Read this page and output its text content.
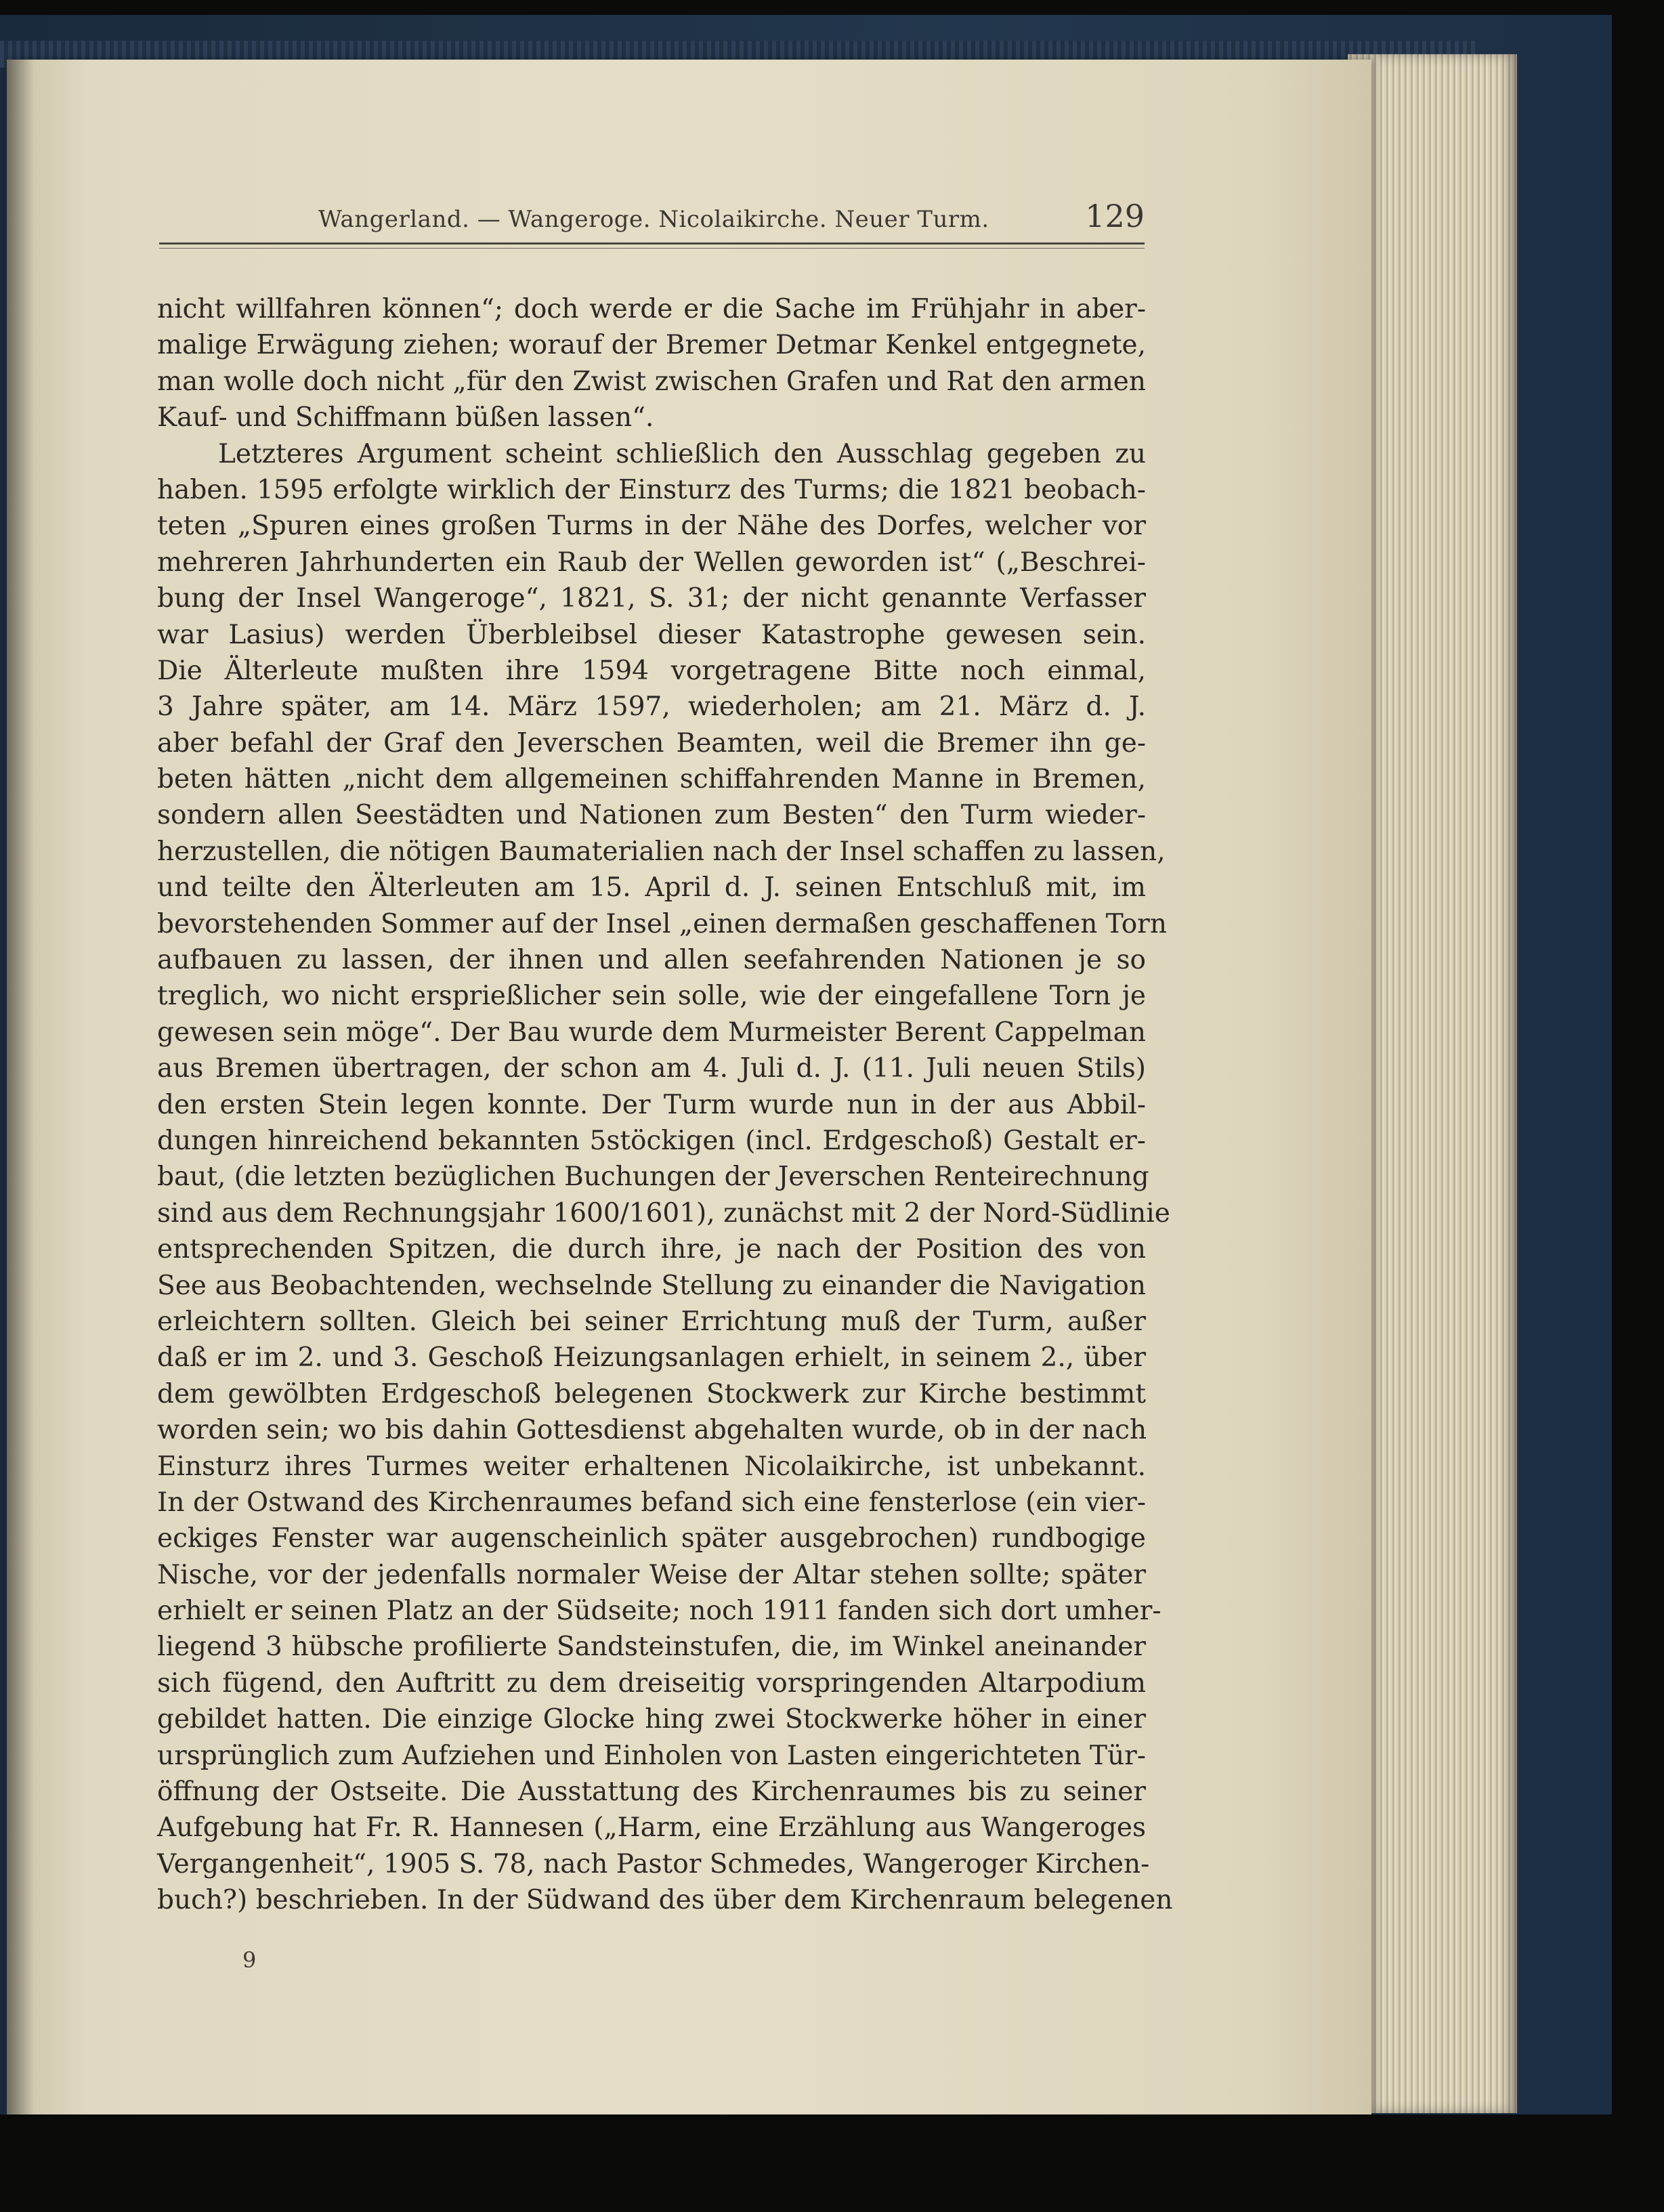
Wangerland. — Wangeroge. Nicolaikirche. Neuer Turm.	129
nicht willfahren können“; doch werde er die Sache im Frühjahr in aber-
malige Erwägung ziehen; worauf der Bremer Detmar Kenkel entgegnete,
man wolle doch nicht „für den Zwist zwischen Grafen und Rat den armen
Kauf- und Schiffmann büßen lassen“.
Letzteres Argument scheint schließlich den Ausschlag gegeben zu
haben. 1595 erfolgte wirklich der Einsturz des Turms; die 1821 beobach-
teten „Spuren eines großen Turms in der Nähe des Dorfes, welcher vor
mehreren Jahrhunderten ein Raub der Wellen geworden ist“ („Beschrei-
bung der Insel Wangeroge“, 1821, S. 31; der nicht genannte Verfasser
war Lasius) werden Überbleibsel dieser Katastrophe gewesen sein.
Die Älterleute mußten ihre 1594 vorgetragene Bitte noch einmal,
3 Jahre später, am 14. März 1597, wiederholen; am 21. März d. J.
aber befahl der Graf den Jeverschen Beamten, weil die Bremer ihn ge-
beten hätten „nicht dem allgemeinen schiffahrenden Manne in Bremen,
sondern allen Seestädten und Nationen zum Besten“ den Turm wieder-
herzustellen, die nötigen Baumaterialien nach der Insel schaffen zu lassen,
und teilte den Älterleuten am 15. April d. J. seinen Entschluß mit, im
bevorstehenden Sommer auf der Insel „einen dermaßen geschaffenen Torn
aufbauen zu lassen, der ihnen und allen seefahrenden Nationen je so
treglich, wo nicht ersprießlicher sein solle, wie der eingefallene Torn je
gewesen sein möge“. Der Bau wurde dem Murmeister Berent Cappelman
aus Bremen übertragen, der schon am 4. Juli d. J. (11. Juli neuen Stils)
den ersten Stein legen konnte. Der Turm wurde nun in der aus Abbil-
dungen hinreichend bekannten 5stöckigen (incl. Erdgeschoß) Gestalt er-
baut, (die letzten bezüglichen Buchungen der Jeverschen Renteirechnung
sind aus dem Rechnungsjahr 1600/1601), zunächst mit 2 der Nord-Südlinie
entsprechenden Spitzen, die durch ihre, je nach der Position des von
See aus Beobachtenden, wechselnde Stellung zu einander die Navigation
erleichtern sollten. Gleich bei seiner Errichtung muß der Turm, außer
daß er im 2. und 3. Geschoß Heizungsanlagen erhielt, in seinem 2., über
dem gewölbten Erdgeschoß belegenen Stockwerk zur Kirche bestimmt
worden sein; wo bis dahin Gottesdienst abgehalten wurde, ob in der nach
Einsturz ihres Turmes weiter erhaltenen Nicolaikirche, ist unbekannt.
In der Ostwand des Kirchenraumes befand sich eine fensterlose (ein vier-
eckiges Fenster war augenscheinlich später ausgebrochen) rundbogige
Nische, vor der jedenfalls normaler Weise der Altar stehen sollte; später
erhielt er seinen Platz an der Südseite; noch 1911 fanden sich dort umher-
liegend 3 hübsche profilierte Sandsteinstufen, die, im Winkel aneinander
sich fügend, den Auftritt zu dem dreiseitig vorspringenden Altarpodium
gebildet hatten. Die einzige Glocke hing zwei Stockwerke höher in einer
ursprünglich zum Aufziehen und Einholen von Lasten eingerichteten Tür-
öffnung der Ostseite. Die Ausstattung des Kirchenraumes bis zu seiner
Aufgebung hat Fr. R. Hannesen („Harm, eine Erzählung aus Wangeroges
Vergangenheit“, 1905 S. 78, nach Pastor Schmedes, Wangeroger Kirchen-
buch?) beschrieben. In der Südwand des über dem Kirchenraum belegenen
9
